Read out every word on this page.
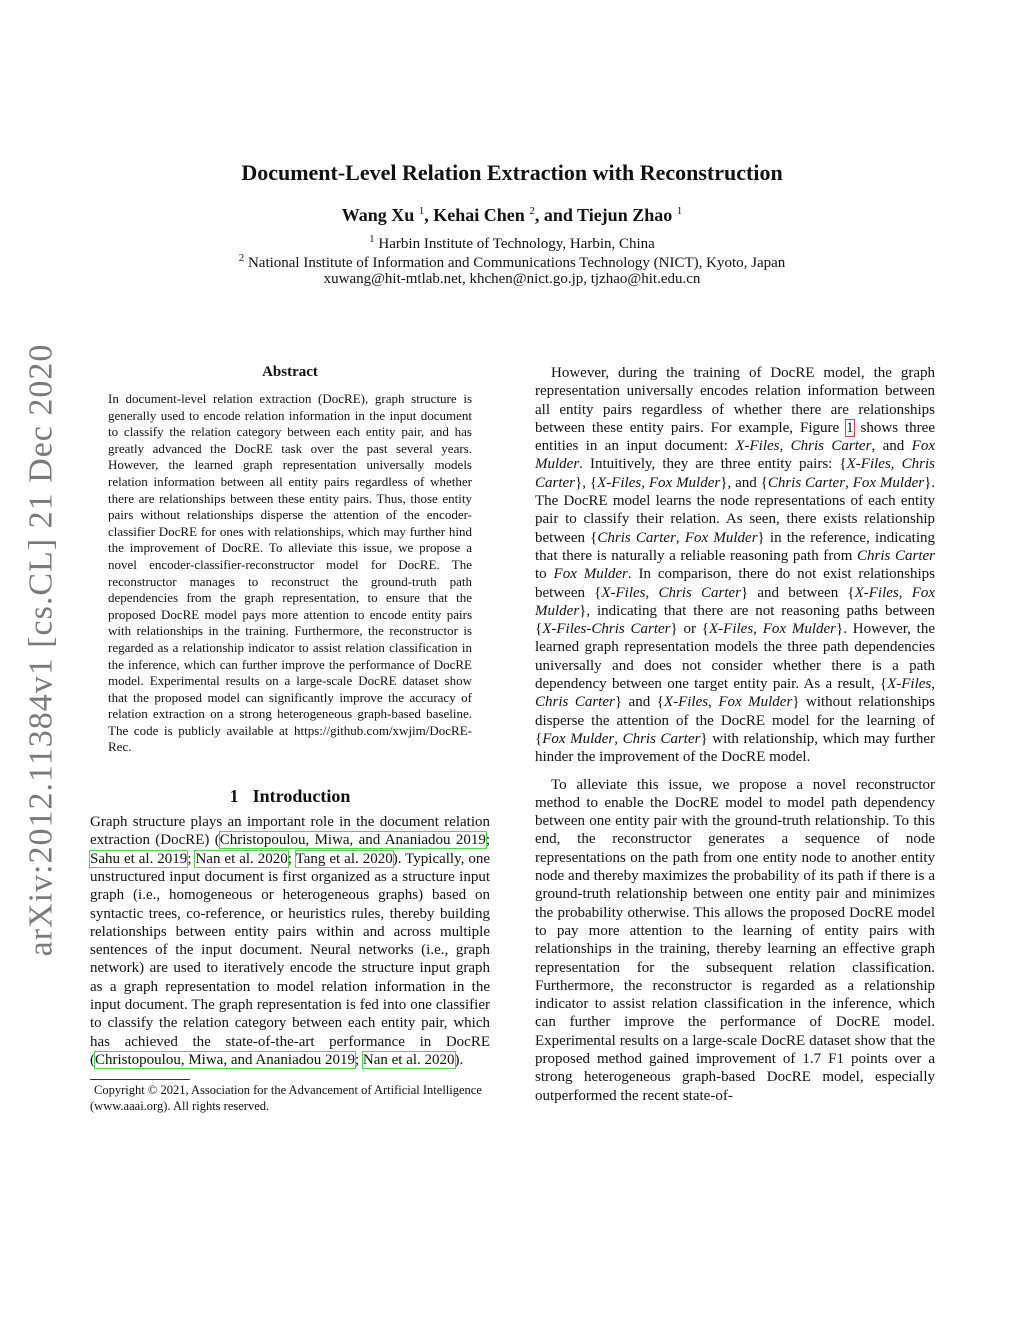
arXiv:2012.11384v1 [cs.CL] 21 Dec 2020
Document-Level Relation Extraction with Reconstruction
Wang Xu $^1$, Kehai Chen $^2$, and Tiejun Zhao $^1$
$^1$ Harbin Institute of Technology, Harbin, China
$^2$ National Institute of Information and Communications Technology (NICT), Kyoto, Japan
xuwang@hit-mtlab.net, khchen@nict.go.jp, tjzhao@hit.edu.cn
Abstract

In document-level relation extraction (DocRE), graph structure is generally used to encode relation information in the input document to classify the relation category between each entity pair, and has greatly advanced the DocRE task over the past several years. However, the learned graph representation universally models relation information between all entity pairs regardless of whether there are relationships between these entity pairs. Thus, those entity pairs without relationships disperse the attention of the encoder-classifier DocRE for ones with relationships, which may further hind the improvement of DocRE. To alleviate this issue, we propose a novel encoder-classifier-reconstructor model for DocRE. The reconstructor manages to reconstruct the ground-truth path dependencies from the graph representation, to ensure that the proposed DocRE model pays more attention to encode entity pairs with relationships in the training. Furthermore, the reconstructor is regarded as a relationship indicator to assist relation classification in the inference, which can further improve the performance of DocRE model. Experimental results on a large-scale DocRE dataset show that the proposed model can significantly improve the accuracy of relation extraction on a strong heterogeneous graph-based baseline. The code is publicly available at https://github.com/xwjim/DocRE-Rec.

1 Introduction

Graph structure plays an important role in the document relation extraction (DocRE) (Christopoulou, Miwa, and Ananiadou 2019; Sahu et al. 2019; Nan et al. 2020; Tang et al. 2020). Typically, one unstructured input document is first organized as a structure input graph (i.e., homogeneous or heterogeneous graphs) based on syntactic trees, co-reference, or heuristics rules, thereby building relationships between entity pairs within and across multiple sentences of the input document. Neural networks (i.e., graph network) are used to iteratively encode the structure input graph as a graph representation to model relation information in the input document. The graph representation is fed into one classifier to classify the relation category between each entity pair, which has achieved the state-of-the-art performance in DocRE (Christopoulou, Miwa, and Ananiadou 2019; Nan et al. 2020).

Copyright © 2021, Association for the Advancement of Artificial Intelligence (www.aaai.org). All rights reserved.

However, during the training of DocRE model, the graph representation universally encodes relation information between all entity pairs regardless of whether there are relationships between these entity pairs. For example, Figure 1 shows three entities in an input document: X-Files, Chris Carter, and Fox Mulder. Intuitively, they are three entity pairs: {X-Files, Chris Carter}, {X-Files, Fox Mulder}, and {Chris Carter, Fox Mulder}. The DocRE model learns the node representations of each entity pair to classify their relation. As seen, there exists relationship between {Chris Carter, Fox Mulder} in the reference, indicating that there is naturally a reliable reasoning path from Chris Carter to Fox Mulder. In comparison, there do not exist relationships between {X-Files, Chris Carter} and between {X-Files, Fox Mulder}, indicating that there are not reasoning paths between {X-Files-Chris Carter} or {X-Files, Fox Mulder}. However, the learned graph representation models the three path dependencies universally and does not consider whether there is a path dependency between one target entity pair. As a result, {X-Files, Chris Carter} and {X-Files, Fox Mulder} without relationships disperse the attention of the DocRE model for the learning of {Fox Mulder, Chris Carter} with relationship, which may further hinder the improvement of the DocRE model.

To alleviate this issue, we propose a novel reconstructor method to enable the DocRE model to model path dependency between one entity pair with the ground-truth relationship. To this end, the reconstructor generates a sequence of node representations on the path from one entity node to another entity node and thereby maximizes the probability of its path if there is a ground-truth relationship between one entity pair and minimizes the probability otherwise. This allows the proposed DocRE model to pay more attention to the learning of entity pairs with relationships in the training, thereby learning an effective graph representation for the subsequent relation classification. Furthermore, the reconstructor is regarded as a relationship indicator to assist relation classification in the inference, which can further improve the performance of DocRE model. Experimental results on a large-scale DocRE dataset show that the proposed method gained improvement of 1.7 F1 points over a strong heterogeneous graph-based DocRE model, especially outperformed the recent state-of-
